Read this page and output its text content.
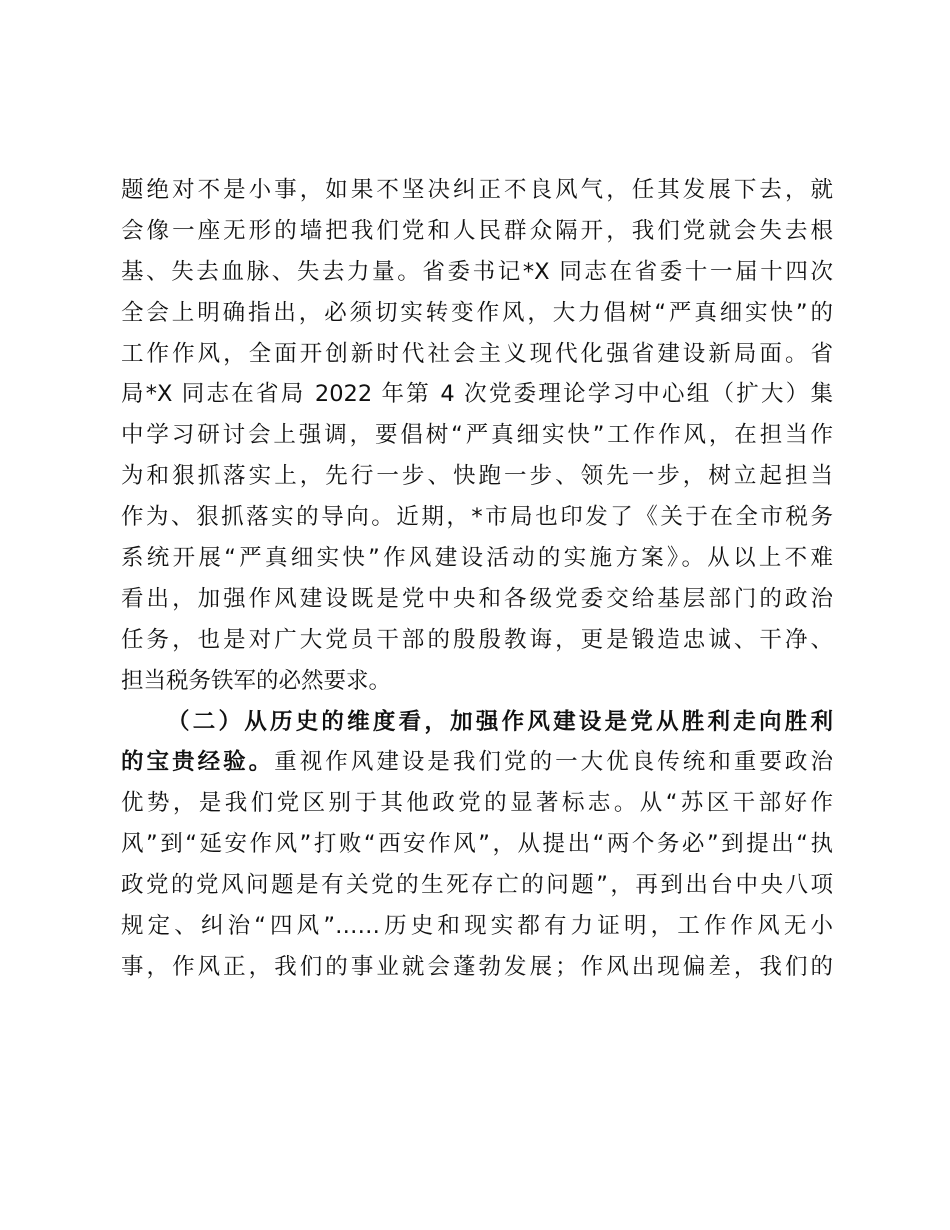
题绝对不是小事，如果不坚决纠正不良风气，任其发展下去，就
会像一座无形的墙把我们党和人民群众隔开，我们党就会失去根
基、失去血脉、失去力量。省委书记*X 同志在省委十一届十四次
全会上明确指出，必须切实转变作风，大力倡树“严真细实快”的
工作作风，全面开创新时代社会主义现代化强省建设新局面。省
局*X 同志在省局 2022 年第 4 次党委理论学习中心组（扩大）集
中学习研讨会上强调，要倡树“严真细实快”工作作风，在担当作
为和狠抓落实上，先行一步、快跑一步、领先一步，树立起担当
作为、狠抓落实的导向。近期，*市局也印发了《关于在全市税务
系统开展“严真细实快”作风建设活动的实施方案》。从以上不难
看出，加强作风建设既是党中央和各级党委交给基层部门的政治
任务，也是对广大党员干部的殷殷教诲，更是锻造忠诚、干净、
担当税务铁军的必然要求。
（二）从历史的维度看，加强作风建设是党从胜利走向胜利
的宝贵经验。重视作风建设是我们党的一大优良传统和重要政治
优势，是我们党区别于其他政党的显著标志。从“苏区干部好作
风”到“延安作风”打败“西安作风”，从提出“两个务必”到提出“执
政党的党风问题是有关党的生死存亡的问题”，再到出台中央八项
规定、纠治“四风”……历史和现实都有力证明，工作作风无小
事，作风正，我们的事业就会蓬勃发展；作风出现偏差，我们的
